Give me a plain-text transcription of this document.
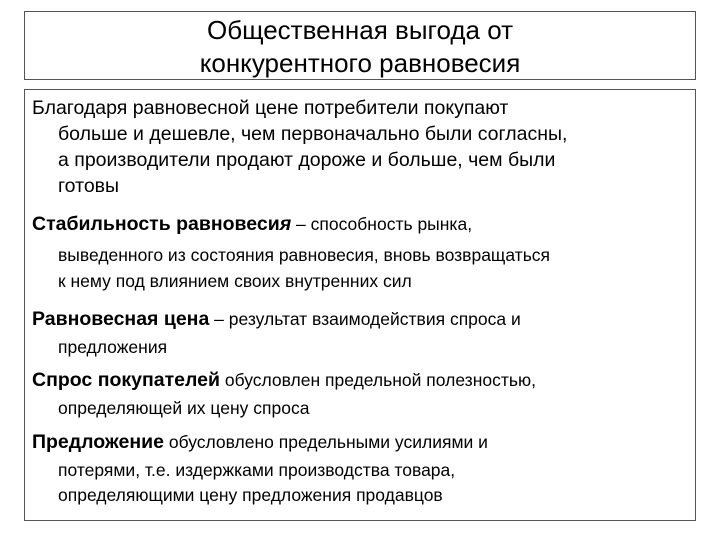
Общественная выгода от
конкурентного равновесия
Благодаря равновесной цене потребители покупают
больше и дешевле, чем первоначально были согласны,
а производители продают дороже и больше, чем были
готовы
Стабильность равновесия – способность рынка,
выведенного из состояния равновесия, вновь возвращаться
к нему под влиянием своих внутренних сил
Равновесная цена – результат взаимодействия спроса и
предложения
Спрос покупателей обусловлен предельной полезностью,
определяющей их цену спроса
Предложение обусловлено предельными усилиями и
потерями, т.е. издержками производства товара,
определяющими цену предложения продавцов
